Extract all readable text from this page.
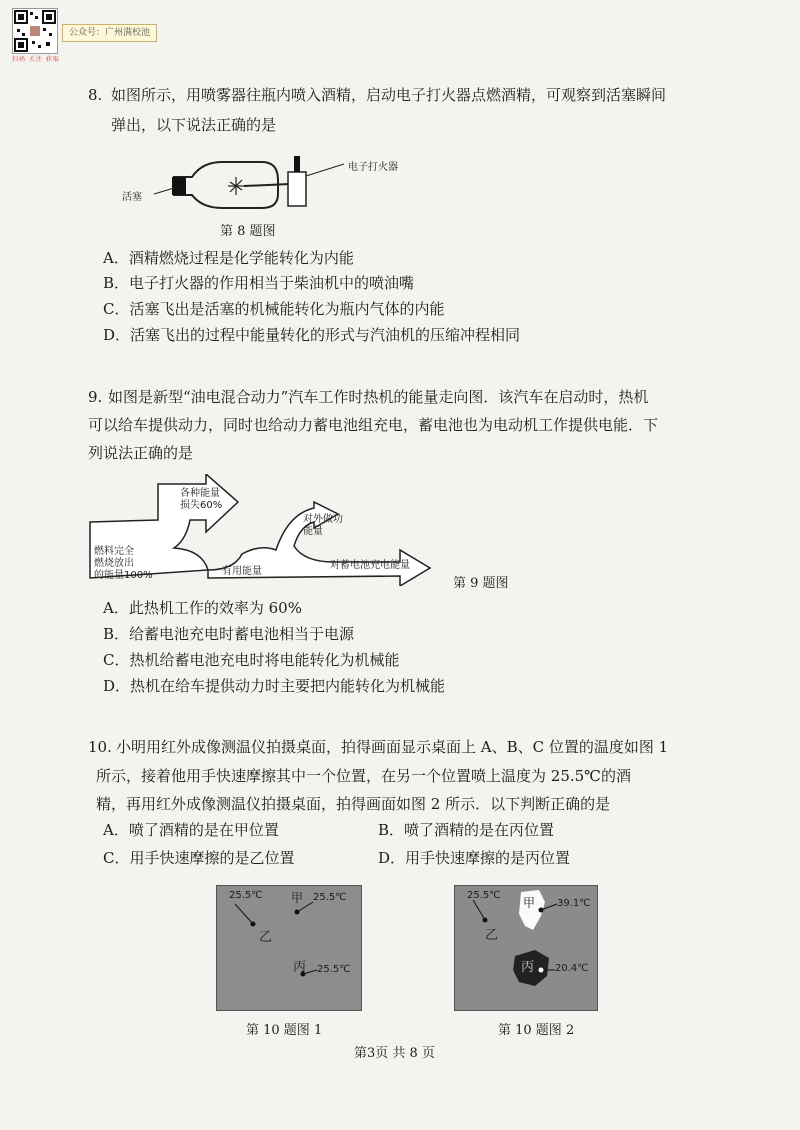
扫码 关注 获取
公众号：广州满校池
8. 如图所示，用喷雾器往瓶内喷入酒精，启动电子打火器点燃酒精，可观察到活塞瞬间
弹出，以下说法正确的是
活塞
电子打火器
第 8 题图
A．酒精燃烧过程是化学能转化为内能
B．电子打火器的作用相当于柴油机中的喷油嘴
C．活塞飞出是活塞的机械能转化为瓶内气体的内能
D．活塞飞出的过程中能量转化的形式与汽油机的压缩冲程相同
9. 如图是新型“油电混合动力”汽车工作时热机的能量走向图．该汽车在启动时，热机
可以给车提供动力，同时也给动力蓄电池组充电，蓄电池也为电动机工作提供电能．下
列说法正确的是
燃料完全
燃烧放出
的能量100%
各种能量
损失60%
有用能量
对外做功
能量
对蓄电池充电能量
第 9 题图
A．此热机工作的效率为 60%
B．给蓄电池充电时蓄电池相当于电源
C．热机给蓄电池充电时将电能转化为机械能
D．热机在给车提供动力时主要把内能转化为机械能
10. 小明用红外成像测温仪拍摄桌面，拍得画面显示桌面上 A、B、C 位置的温度如图 1
所示，接着他用手快速摩擦其中一个位置，在另一个位置喷上温度为 25.5℃的酒
精，再用红外成像测温仪拍摄桌面，拍得画面如图 2 所示．以下判断正确的是
A．喷了酒精的是在甲位置	B．喷了酒精的是在丙位置
C．用手快速摩擦的是乙位置	D．用手快速摩擦的是丙位置
25.5℃ 甲 25.5℃
乙
丙 25.5℃
第 10 题图 1
25.5℃
甲 39.1℃
乙
丙 20.4℃
第 10 题图 2
第3页 共 8 页
